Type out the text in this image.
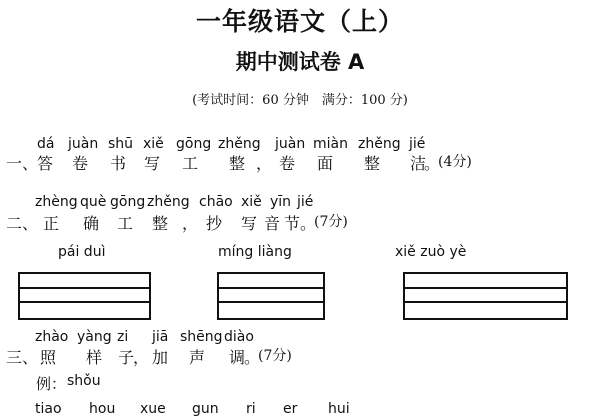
一年级语文（上）
期中测试卷 A
(考试时间：60 分钟　满分：100 分)
dá juàn shū xiě gōng zhěng juàn miàn zhěng jié
一、
答 卷 书 写 工 整 ， 卷 面 整 洁
。
(4分)
zhèng què gōng zhěng chāo xiě yīn jié
二、 正 确 工 整 ， 抄 写 音 节 。
(7分)
pái duì	míng liàng	xiě zuò yè
zhào yàng zi jiā shēng diào
三、 照 样 子
， 加 声 调
。
(7分)
例： shǒu
tiao hou xue gun ri er hui
